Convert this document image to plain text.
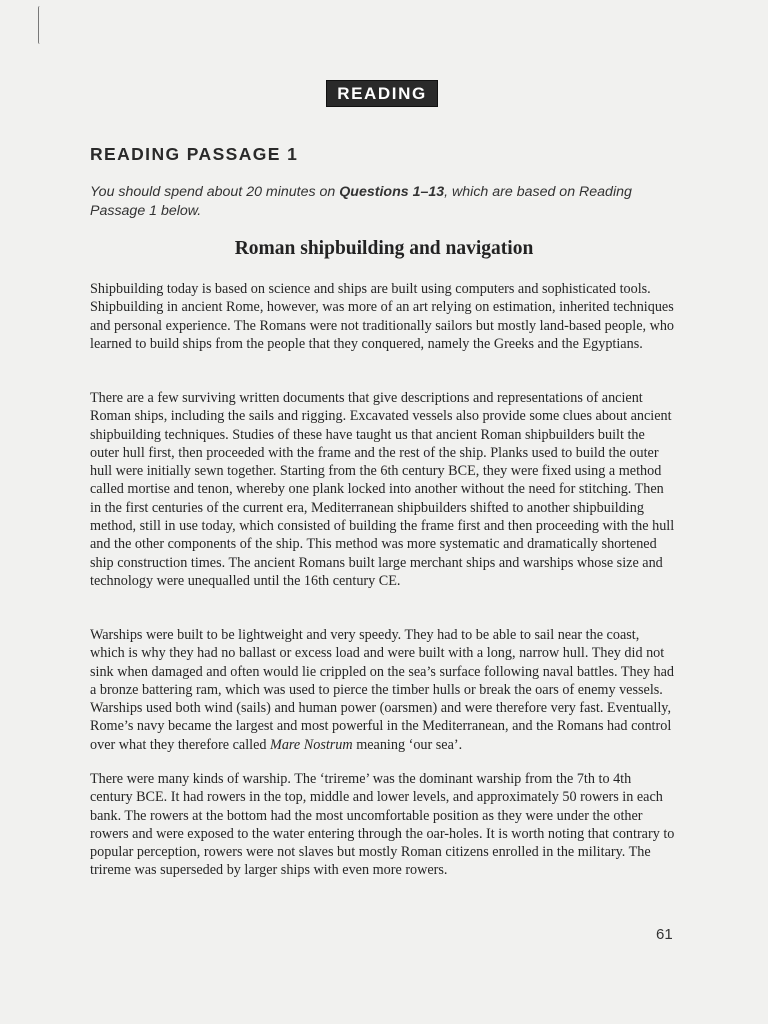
READING
READING PASSAGE 1
You should spend about 20 minutes on Questions 1–13, which are based on Reading Passage 1 below.
Roman shipbuilding and navigation

Shipbuilding today is based on science and ships are built using computers and sophisticated tools. Shipbuilding in ancient Rome, however, was more of an art relying on estimation, inherited techniques and personal experience. The Romans were not traditionally sailors but mostly land-based people, who learned to build ships from the people that they conquered, namely the Greeks and the Egyptians.

There are a few surviving written documents that give descriptions and representations of ancient Roman ships, including the sails and rigging. Excavated vessels also provide some clues about ancient shipbuilding techniques. Studies of these have taught us that ancient Roman shipbuilders built the outer hull first, then proceeded with the frame and the rest of the ship. Planks used to build the outer hull were initially sewn together. Starting from the 6th century BCE, they were fixed using a method called mortise and tenon, whereby one plank locked into another without the need for stitching. Then in the first centuries of the current era, Mediterranean shipbuilders shifted to another shipbuilding method, still in use today, which consisted of building the frame first and then proceeding with the hull and the other components of the ship. This method was more systematic and dramatically shortened ship construction times. The ancient Romans built large merchant ships and warships whose size and technology were unequalled until the 16th century CE.

Warships were built to be lightweight and very speedy. They had to be able to sail near the coast, which is why they had no ballast or excess load and were built with a long, narrow hull. They did not sink when damaged and often would lie crippled on the sea’s surface following naval battles. They had a bronze battering ram, which was used to pierce the timber hulls or break the oars of enemy vessels. Warships used both wind (sails) and human power (oarsmen) and were therefore very fast. Eventually, Rome’s navy became the largest and most powerful in the Mediterranean, and the Romans had control over what they therefore called Mare Nostrum meaning ‘our sea’.

There were many kinds of warship. The ‘trireme’ was the dominant warship from the 7th to 4th century BCE. It had rowers in the top, middle and lower levels, and approximately 50 rowers in each bank. The rowers at the bottom had the most uncomfortable position as they were under the other rowers and were exposed to the water entering through the oar-holes. It is worth noting that contrary to popular perception, rowers were not slaves but mostly Roman citizens enrolled in the military. The trireme was superseded by larger ships with even more rowers.

61
